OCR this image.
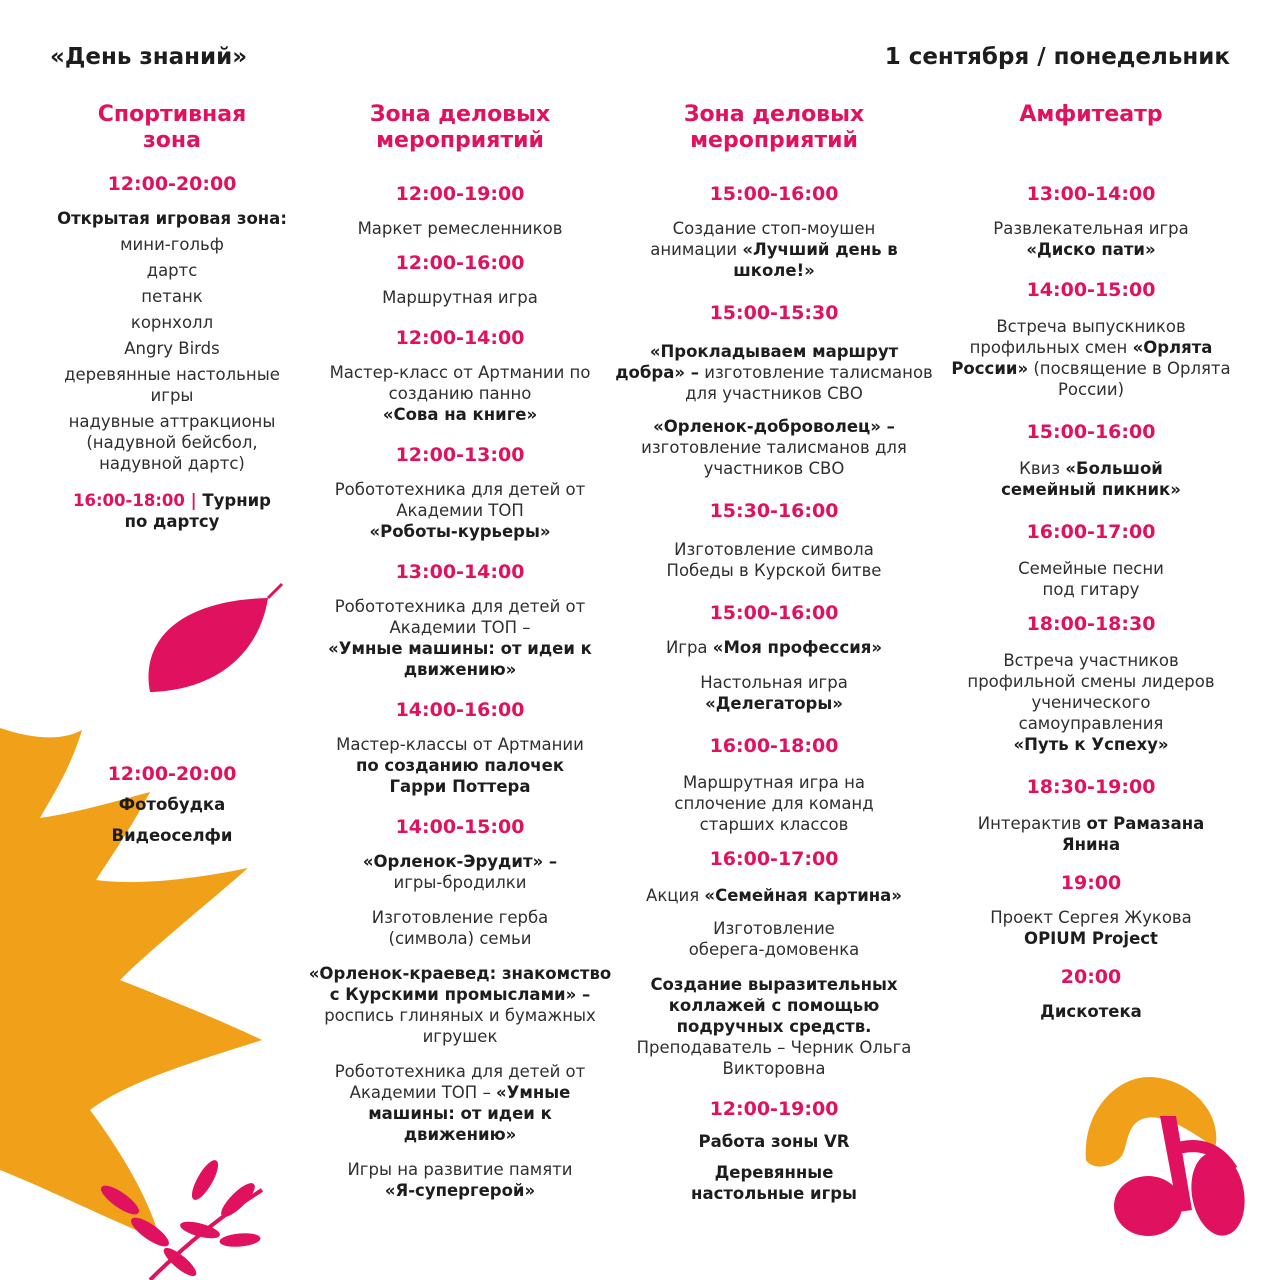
«День знаний»	1 сентября / понедельник
Спортивная зона
12:00-20:00
Открытая игровая зона:
мини-гольф
дартс
петанк
корнхолл
Angry Birds
деревянные настольные игры
надувные аттракционы (надувной бейсбол, надувной дартс)
16:00-18:00 | Турнир по дартсу
12:00-20:00
Фотобудка
Видеоселфи
Зона деловых мероприятий
12:00-19:00
Маркет ремесленников
12:00-16:00
Маршрутная игра
12:00-14:00
Мастер-класс от Артмании по созданию панно
«Сова на книге»
12:00-13:00
Робототехника для детей от Академии ТОП
«Роботы-курьеры»
13:00-14:00
Робототехника для детей от Академии ТОП –
«Умные машины: от идеи к движению»
14:00-16:00
Мастер-классы от Артмании по созданию палочек Гарри Поттера
14:00-15:00
«Орленок-Эрудит» – игры-бродилки
Изготовление герба (символа) семьи
«Орленок-краевед: знакомство с Курскими промыслами» – роспись глиняных и бумажных игрушек
Робототехника для детей от Академии ТОП – «Умные машины: от идеи к движению»
Игры на развитие памяти
«Я-супергерой»
Зона деловых мероприятий
15:00-16:00
Создание стоп-моушен анимации «Лучший день в школе!»
15:00-15:30
«Прокладываем маршрут добра» – изготовление талисманов для участников СВО
«Орленок-доброволец» – изготовление талисманов для участников СВО
15:30-16:00
Изготовление символа Победы в Курской битве
15:00-16:00
Игра «Моя профессия»
Настольная игра
«Делегаторы»
16:00-18:00
Маршрутная игра на сплочение для команд старших классов
16:00-17:00
Акция «Семейная картина»
Изготовление оберега-домовенка
Создание выразительных коллажей с помощью подручных средств. Преподаватель – Черник Ольга Викторовна
12:00-19:00
Работа зоны VR
Деревянные настольные игры
Амфитеатр
13:00-14:00
Развлекательная игра
«Диско пати»
14:00-15:00
Встреча выпускников профильных смен «Орлята России» (посвящение в Орлята России)
15:00-16:00
Квиз «Большой семейный пикник»
16:00-17:00
Семейные песни под гитару
18:00-18:30
Встреча участников профильной смены лидеров ученического самоуправления
«Путь к Успеху»
18:30-19:00
Интерактив от Рамазана Янина
19:00
Проект Сергея Жукова
OPIUM Project
20:00
Дискотека
